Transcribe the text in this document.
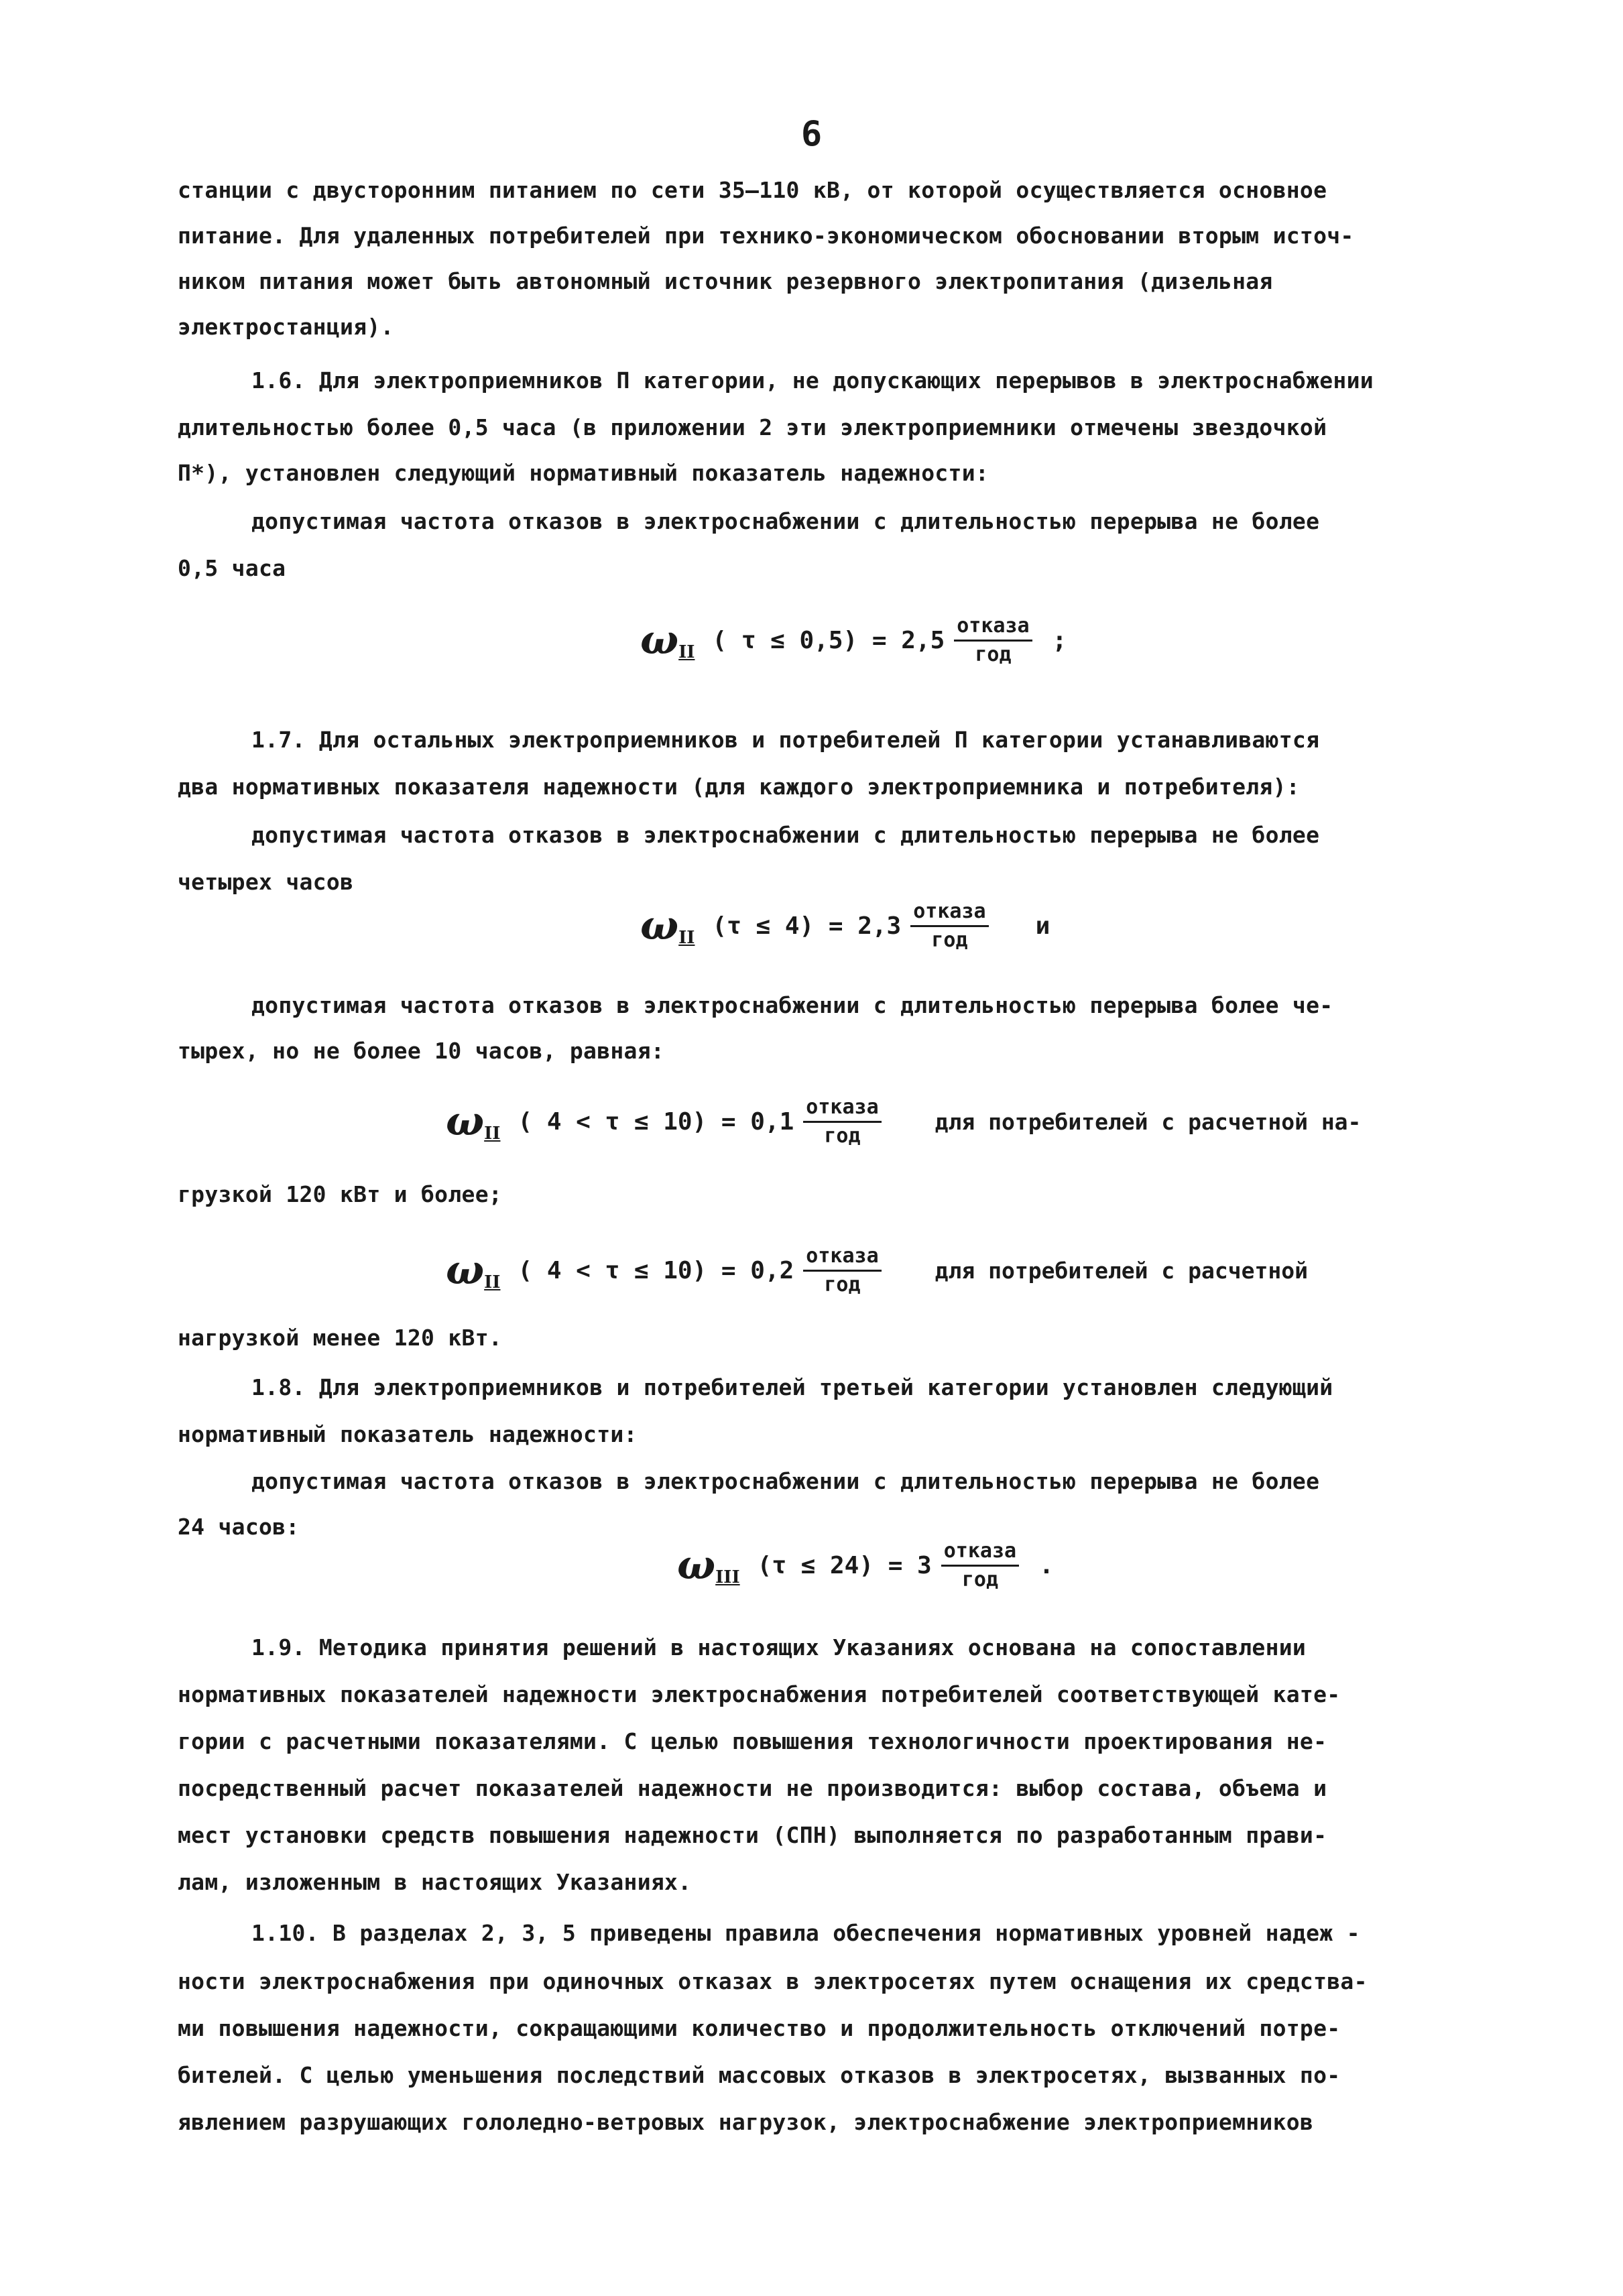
6
станции с двусторонним питанием по сети 35–110 кВ, от которой осуществляется основное
питание. Для удаленных потребителей при технико-экономическом обосновании вторым источ-
ником питания может быть автономный источник резервного электропитания (дизельная
электростанция).
1.6. Для электроприемников П категории, не допускающих перерывов в электроснабжении
длительностью более 0,5 часа (в приложении 2 эти электроприемники отмечены звездочкой
П*), установлен следующий нормативный показатель надежности:
допустимая частота отказов в электроснабжении с длительностью перерыва не более
0,5 часа
ω II ( $\tau \le 0,5) = 2,5 \frac{\text{отказа}}{\text{год}}$ ;
1.7. Для остальных электроприемников и потребителей П категории устанавливаются
два нормативных показателя надежности (для каждого электроприемника и потребителя):
допустимая частота отказов в электроснабжении с длительностью перерыва не более
четырех часов
ω II $(\tau \le 4) = 2,3 \frac{\text{отказа}}{\text{год}}$ и
допустимая частота отказов в электроснабжении с длительностью перерыва более че-
тырех, но не более 10 часов, равная:
ω II ( $4 < \tau \le 10) = 0,1 \frac{\text{отказа}}{\text{год}}$ для потребителей с расчетной на-
грузкой 120 кВт и более;
ω II ( $4 < \tau \le 10) = 0,2 \frac{\text{отказа}}{\text{год}}$ для потребителей с расчетной
нагрузкой менее 120 кВт.
1.8. Для электроприемников и потребителей третьей категории установлен следующий
нормативный показатель надежности:
допустимая частота отказов в электроснабжении с длительностью перерыва не более
24 часов:
ω III $(\tau \le 24) = 3 \frac{\text{отказа}}{\text{год}}$ .
1.9. Методика принятия решений в настоящих Указаниях основана на сопоставлении
нормативных показателей надежности электроснабжения потребителей соответствующей кате-
гории с расчетными показателями. С целью повышения технологичности проектирования не-
посредственный расчет показателей надежности не производится: выбор состава, объема и
мест установки средств повышения надежности (СПН) выполняется по разработанным прави-
лам, изложенным в настоящих Указаниях.
1.10. В разделах 2, 3, 5 приведены правила обеспечения нормативных уровней надеж -
ности электроснабжения при одиночных отказах в электросетях путем оснащения их средства-
ми повышения надежности, сокращающими количество и продолжительность отключений потре-
бителей. С целью уменьшения последствий массовых отказов в электросетях, вызванных по-
явлением разрушающих гололедно-ветровых нагрузок, электроснабжение электроприемников
